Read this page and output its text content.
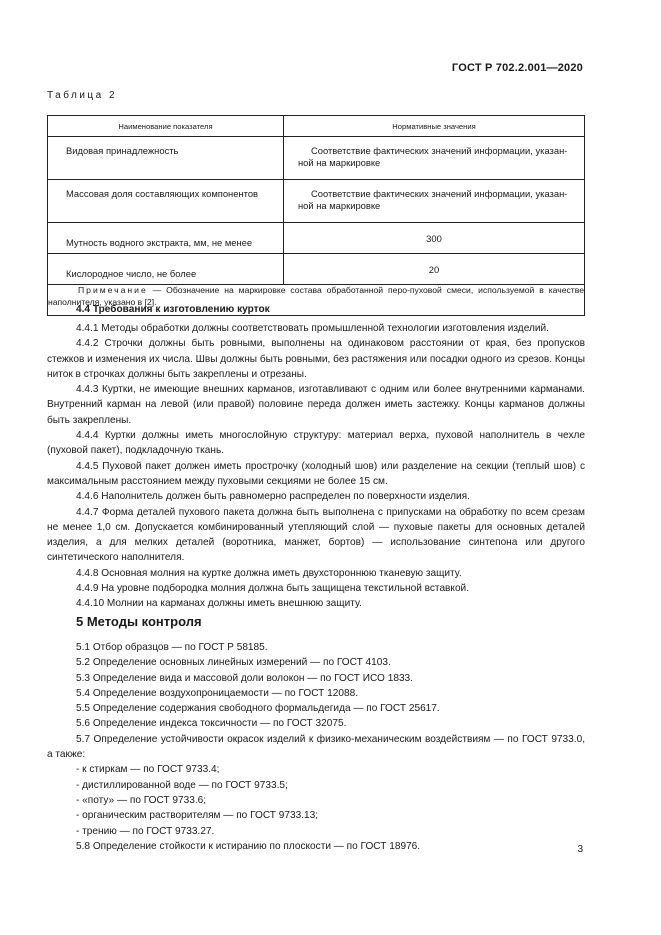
ГОСТ Р 702.2.001—2020
Таблица 2
Наименование показателя	Нормативные значения
Видовая принадлежность	Соответствие фактических значений информации, указан-
ной на маркировке
Массовая доля составляющих компонентов	Соответствие фактических значений информации, указан-
ной на маркировке
Мутность водного экстракта, мм, не менее	300
Кислородное число, не более	20
Примечание — Обозначение на маркировке состава обработанной перо-пуховой смеси, используемой в качестве наполнителя, указано в [2].	
4.4 Требования к изготовлению курток

4.4.1 Методы обработки должны соответствовать промышленной технологии изготовления изделий.

4.4.2 Строчки должны быть ровными, выполнены на одинаковом расстоянии от края, без пропусков стежков и изменения их числа. Швы должны быть ровными, без растяжения или посадки одного из срезов. Концы ниток в строчках должны быть закреплены и отрезаны.

4.4.3 Куртки, не имеющие внешних карманов, изготавливают с одним или более внутренними карманами. Внутренний карман на левой (или правой) половине переда должен иметь застежку. Концы карманов должны быть закреплены.

4.4.4 Куртки должны иметь многослойную структуру: материал верха, пуховой наполнитель в чехле (пуховой пакет), подкладочную ткань.

4.4.5 Пуховой пакет должен иметь прострочку (холодный шов) или разделение на секции (теплый шов) с максимальным расстоянием между пуховыми секциями не более 15 см.

4.4.6 Наполнитель должен быть равномерно распределен по поверхности изделия.

4.4.7 Форма деталей пухового пакета должна быть выполнена с припусками на обработку по всем срезам не менее 1,0 см. Допускается комбинированный утепляющий слой — пуховые пакеты для основных деталей изделия, а для мелких деталей (воротника, манжет, бортов) — использование синтепона или другого синтетического наполнителя.

4.4.8 Основная молния на куртке должна иметь двухстороннюю тканевую защиту.

4.4.9 На уровне подбородка молния должна быть защищена текстильной вставкой.

4.4.10 Молнии на карманах должны иметь внешнюю защиту.

5 Методы контроля

5.1 Отбор образцов — по ГОСТ Р 58185.

5.2 Определение основных линейных измерений — по ГОСТ 4103.

5.3 Определение вида и массовой доли волокон — по ГОСТ ИСО 1833.

5.4 Определение воздухопроницаемости — по ГОСТ 12088.

5.5 Определение содержания свободного формальдегида — по ГОСТ 25617.

5.6 Определение индекса токсичности — по ГОСТ 32075.

5.7 Определение устойчивости окрасок изделий к физико-механическим воздействиям — по ГОСТ 9733.0, а также:

- к стиркам — по ГОСТ 9733.4;

- дистиллированной воде — по ГОСТ 9733.5;

- «поту» — по ГОСТ 9733.6;

- органическим растворителям — по ГОСТ 9733.13;

- трению — по ГОСТ 9733.27.

5.8 Определение стойкости к истиранию по плоскости — по ГОСТ 18976.	3
